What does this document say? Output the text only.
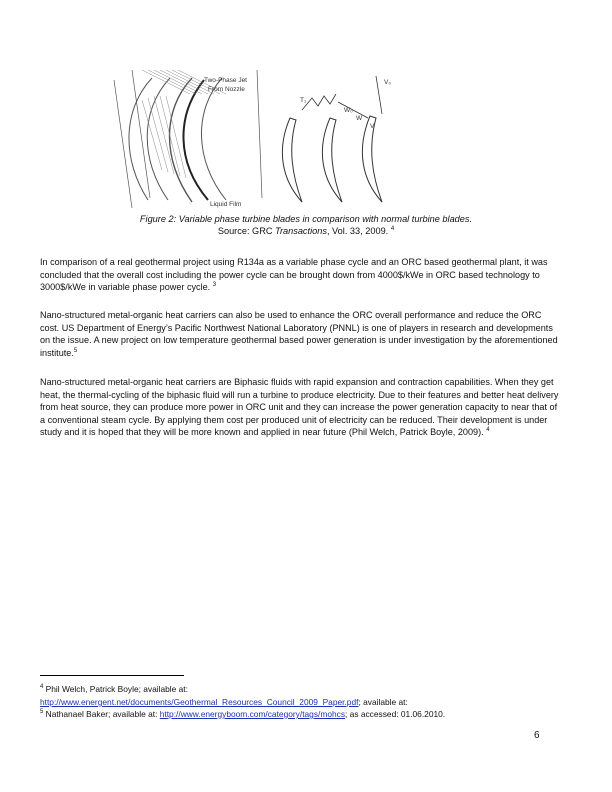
Two-Phase Jet
From Nozzle
Liquid Film
T₁
W₀
V₀
W
V
Figure 2: Variable phase turbine blades in comparison with normal turbine blades.
Source: GRC Transactions, Vol. 33, 2009. $^4$

In comparison of a real geothermal project using R134a as a variable phase cycle and an ORC based geothermal plant, it was concluded that the overall cost including the power cycle can be brought down from 4000$/kWe in ORC based technology to 3000$/kWe in variable phase power cycle. $^3$

Nano-structured metal-organic heat carriers can also be used to enhance the ORC overall performance and reduce the ORC cost. US Department of Energy’s Pacific Northwest National Laboratory (PNNL) is one of players in research and developments on the issue. A new project on low temperature geothermal based power generation is under investigation by the aforementioned institute.$^5$

Nano-structured metal-organic heat carriers are Biphasic fluids with rapid expansion and contraction capabilities. When they get heat, the thermal-cycling of the biphasic fluid will run a turbine to produce electricity. Due to their features and better heat delivery from heat source, they can produce more power in ORC unit and they can increase the power generation capacity to near that of a conventional steam cycle. By applying them cost per produced unit of electricity can be reduced. Their development is under study and it is hoped that they will be more known and applied in near future (Phil Welch, Patrick Boyle, 2009). $^4$

$^4$ Phil Welch, Patrick Boyle; available at:
http://www.energent.net/documents/Geothermal_Resources_Council_2009_Paper.pdf; available at:
$^5$ Nathanael Baker; available at: http://www.energyboom.com/category/tags/mohcs; as accessed: 01.06.2010.
6
